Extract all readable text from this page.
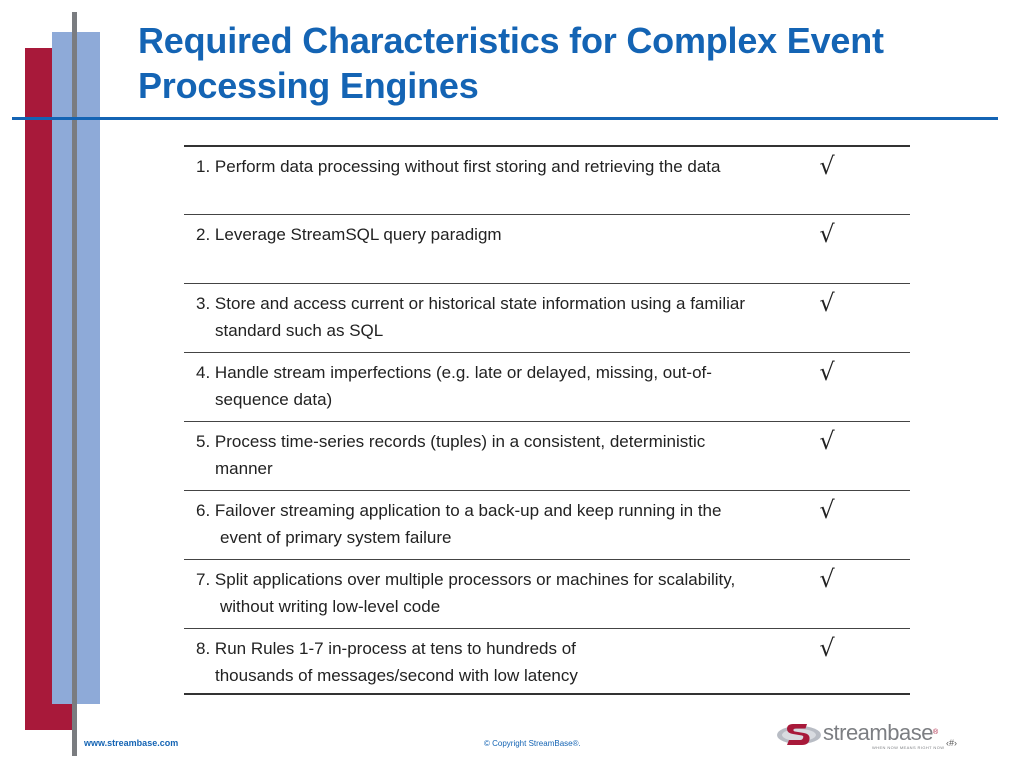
Required Characteristics for Complex Event Processing Engines
1. Perform data processing without first storing and retrieving the data	√
2. Leverage StreamSQL query paradigm	√
3. Store and access current or historical state information using a familiar
standard such as SQL	√
4. Handle stream imperfections (e.g. late or delayed, missing, out-of-
sequence data)	√
5. Process time-series records (tuples) in a consistent, deterministic
manner	√
6. Failover streaming application to a back-up and keep running in the
event of primary system failure	√
7. Split applications over multiple processors or machines for scalability,
without writing low-level code	√
8. Run Rules 1-7 in-process at tens to hundreds of
thousands of messages/second with low latency	√
www.streambase.com	© Copyright StreamBase®.	streambase®
WHEN NOW MEANS RIGHT NOW ‹#›
